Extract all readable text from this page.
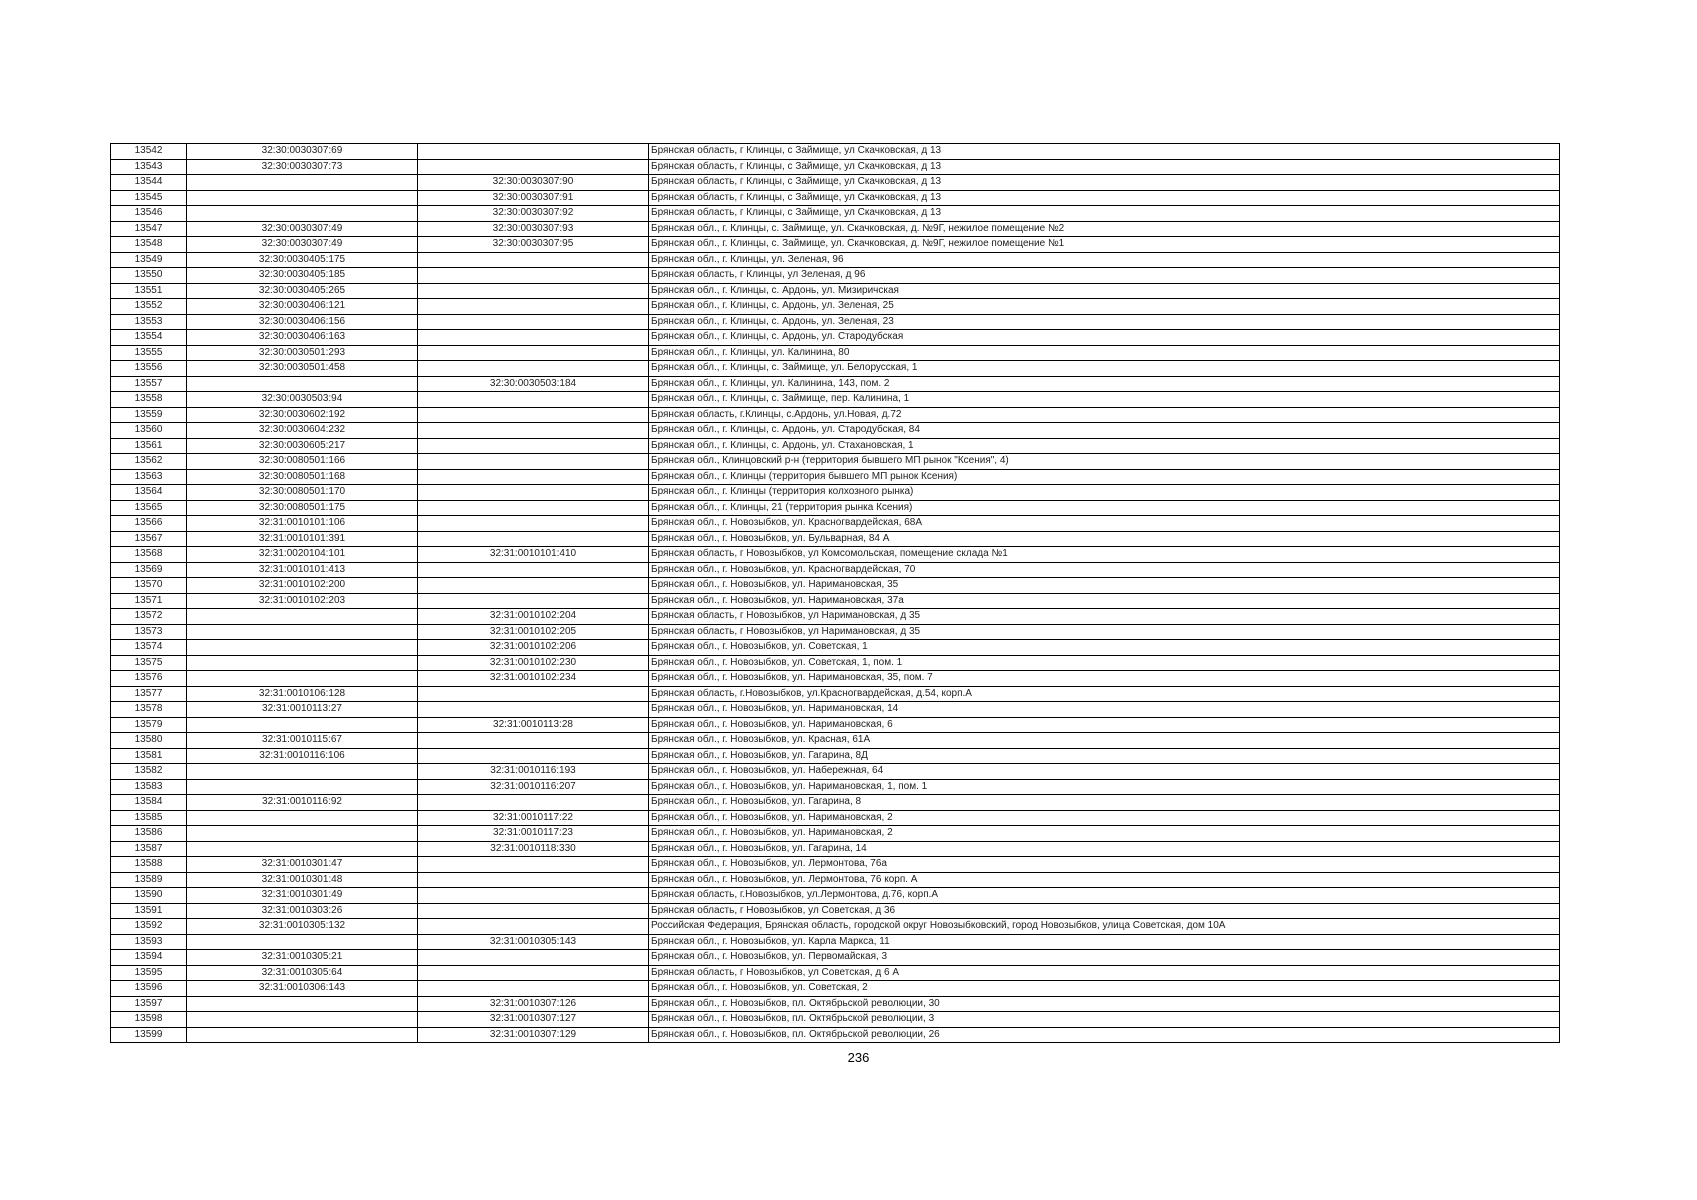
13542	32:30:0030307:69		Брянская область, г Клинцы, с Займище, ул Скачковская, д 13
13543	32:30:0030307:73		Брянская область, г Клинцы, с Займище, ул Скачковская, д 13
13544		32:30:0030307:90	Брянская область, г Клинцы, с Займище, ул Скачковская, д 13
13545		32:30:0030307:91	Брянская область, г Клинцы, с Займище, ул Скачковская, д 13
13546		32:30:0030307:92	Брянская область, г Клинцы, с Займище, ул Скачковская, д 13
13547	32:30:0030307:49	32:30:0030307:93	Брянская обл., г. Клинцы, с. Займище, ул. Скачковская, д. №9Г, нежилое помещение №2
13548	32:30:0030307:49	32:30:0030307:95	Брянская обл., г. Клинцы, с. Займище, ул. Скачковская, д. №9Г, нежилое помещение №1
13549	32:30:0030405:175		Брянская обл., г. Клинцы, ул. Зеленая, 96
13550	32:30:0030405:185		Брянская область, г Клинцы, ул Зеленая, д 96
13551	32:30:0030405:265		Брянская обл., г. Клинцы, с. Ардонь, ул. Мизиричская
13552	32:30:0030406:121		Брянская обл., г. Клинцы, с. Ардонь, ул. Зеленая, 25
13553	32:30:0030406:156		Брянская обл., г. Клинцы, с. Ардонь, ул. Зеленая, 23
13554	32:30:0030406:163		Брянская обл., г. Клинцы, с. Ардонь, ул. Стародубская
13555	32:30:0030501:293		Брянская обл., г. Клинцы, ул. Калинина, 80
13556	32:30:0030501:458		Брянская обл., г. Клинцы, с. Займище, ул. Белорусская, 1
13557		32:30:0030503:184	Брянская обл., г. Клинцы, ул. Калинина, 143, пом. 2
13558	32:30:0030503:94		Брянская обл., г. Клинцы, с. Займище, пер. Калинина, 1
13559	32:30:0030602:192		Брянская область, г.Клинцы, с.Ардонь, ул.Новая, д.72
13560	32:30:0030604:232		Брянская обл., г. Клинцы, с. Ардонь, ул. Стародубская, 84
13561	32:30:0030605:217		Брянская обл., г. Клинцы, с. Ардонь, ул. Стахановская, 1
13562	32:30:0080501:166		Брянская обл., Клинцовский р-н (территория бывшего МП рынок "Ксения", 4)
13563	32:30:0080501:168		Брянская обл., г. Клинцы (территория бывшего МП рынок Ксения)
13564	32:30:0080501:170		Брянская обл., г. Клинцы (территория колхозного рынка)
13565	32:30:0080501:175		Брянская обл., г. Клинцы, 21 (территория рынка Ксения)
13566	32:31:0010101:106		Брянская обл., г. Новозыбков, ул. Красногвардейская, 68А
13567	32:31:0010101:391		Брянская обл., г. Новозыбков, ул. Бульварная, 84 А
13568	32:31:0020104:101	32:31:0010101:410	Брянская область, г Новозыбков, ул Комсомольская, помещение склада №1
13569	32:31:0010101:413		Брянская обл., г. Новозыбков, ул. Красногвардейская, 70
13570	32:31:0010102:200		Брянская обл., г. Новозыбков, ул. Наримановская, 35
13571	32:31:0010102:203		Брянская обл., г. Новозыбков, ул. Наримановская, 37а
13572		32:31:0010102:204	Брянская область, г Новозыбков, ул Наримановская, д 35
13573		32:31:0010102:205	Брянская область, г Новозыбков, ул Наримановская, д 35
13574		32:31:0010102:206	Брянская обл., г. Новозыбков, ул. Советская, 1
13575		32:31:0010102:230	Брянская обл., г. Новозыбков, ул. Советская, 1, пом. 1
13576		32:31:0010102:234	Брянская обл., г. Новозыбков, ул. Наримановская, 35, пом. 7
13577	32:31:0010106:128		Брянская область, г.Новозыбков, ул.Красногвардейская, д.54, корп.А
13578	32:31:0010113:27		Брянская обл., г. Новозыбков, ул. Наримановская, 14
13579		32:31:0010113:28	Брянская обл., г. Новозыбков, ул. Наримановская, 6
13580	32:31:0010115:67		Брянская обл., г. Новозыбков, ул. Красная, 61А
13581	32:31:0010116:106		Брянская обл., г. Новозыбков, ул. Гагарина, 8Д
13582		32:31:0010116:193	Брянская обл., г. Новозыбков, ул. Набережная, 64
13583		32:31:0010116:207	Брянская обл., г. Новозыбков, ул. Наримановская, 1, пом. 1
13584	32:31:0010116:92		Брянская обл., г. Новозыбков, ул. Гагарина, 8
13585		32:31:0010117:22	Брянская обл., г. Новозыбков, ул. Наримановская, 2
13586		32:31:0010117:23	Брянская обл., г. Новозыбков, ул. Наримановская, 2
13587		32:31:0010118:330	Брянская обл., г. Новозыбков, ул. Гагарина, 14
13588	32:31:0010301:47		Брянская обл., г. Новозыбков, ул. Лермонтова, 76а
13589	32:31:0010301:48		Брянская обл., г. Новозыбков, ул. Лермонтова, 76 корп. А
13590	32:31:0010301:49		Брянская область, г.Новозыбков, ул.Лермонтова, д.76, корп.А
13591	32:31:0010303:26		Брянская область, г Новозыбков, ул Советская, д 36
13592	32:31:0010305:132		Российская Федерация, Брянская область, городской округ Новозыбковский, город Новозыбков, улица Советская, дом 10А
13593		32:31:0010305:143	Брянская обл., г. Новозыбков, ул. Карла Маркса, 11
13594	32:31:0010305:21		Брянская обл., г. Новозыбков, ул. Первомайская, 3
13595	32:31:0010305:64		Брянская область, г Новозыбков, ул Советская, д 6 А
13596	32:31:0010306:143		Брянская обл., г. Новозыбков, ул. Советская, 2
13597		32:31:0010307:126	Брянская обл., г. Новозыбков, пл. Октябрьской революции, 30
13598		32:31:0010307:127	Брянская обл., г. Новозыбков, пл. Октябрьской революции, 3
13599		32:31:0010307:129	Брянская обл., г. Новозыбков, пл. Октябрьской революции, 26
236
